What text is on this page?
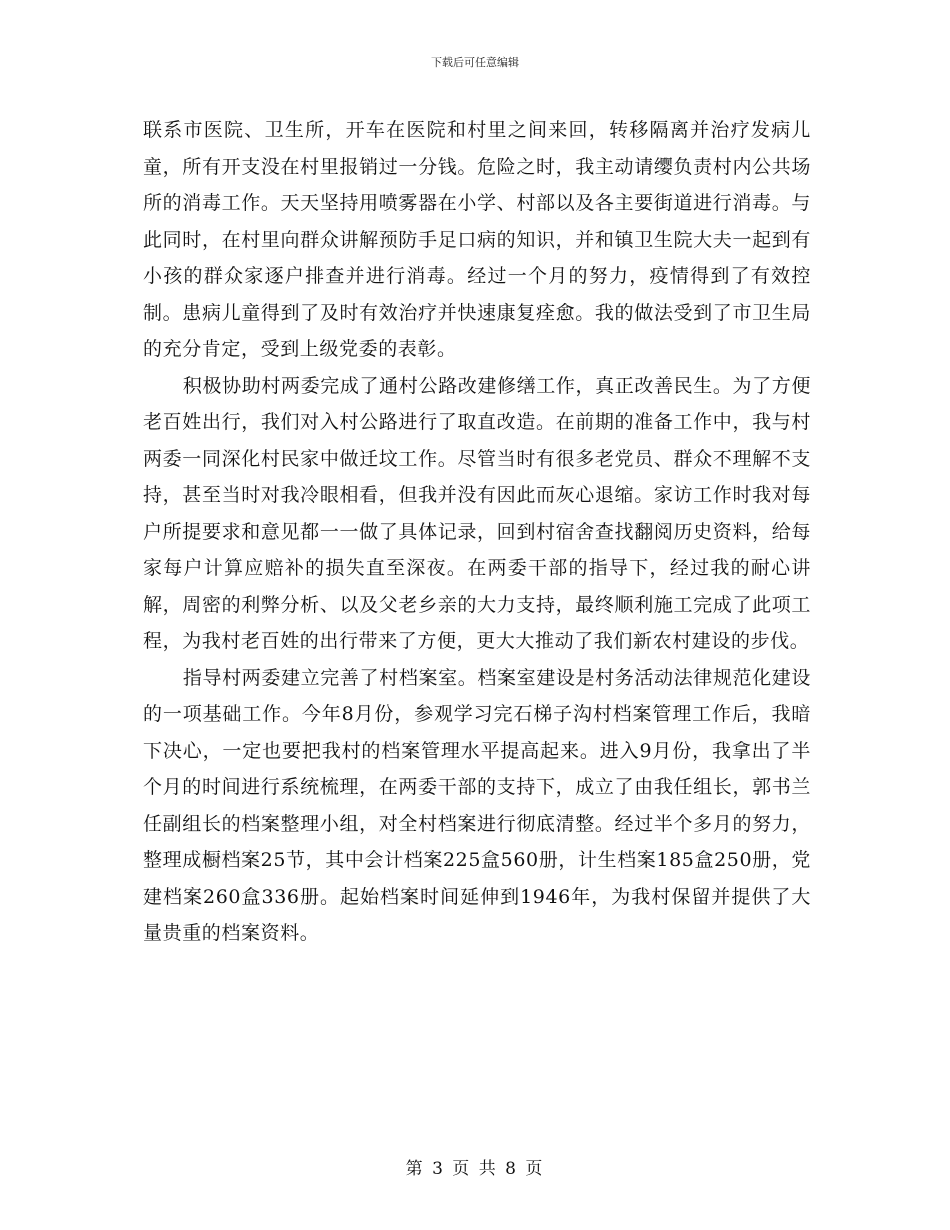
下载后可任意编辑

联系市医院、卫生所，开车在医院和村里之间来回，转移隔离并治疗发病儿童，所有开支没在村里报销过一分钱。危险之时，我主动请缨负责村内公共场所的消毒工作。天天坚持用喷雾器在小学、村部以及各主要街道进行消毒。与此同时，在村里向群众讲解预防手足口病的知识，并和镇卫生院大夫一起到有小孩的群众家逐户排查并进行消毒。经过一个月的努力，疫情得到了有效控制。患病儿童得到了及时有效治疗并快速康复痊愈。我的做法受到了市卫生局的充分肯定，受到上级党委的表彰。

积极协助村两委完成了通村公路改建修缮工作，真正改善民生。为了方便老百姓出行，我们对入村公路进行了取直改造。在前期的准备工作中，我与村两委一同深化村民家中做迁坟工作。尽管当时有很多老党员、群众不理解不支持，甚至当时对我冷眼相看，但我并没有因此而灰心退缩。家访工作时我对每户所提要求和意见都一一做了具体记录，回到村宿舍查找翻阅历史资料，给每家每户计算应赔补的损失直至深夜。在两委干部的指导下，经过我的耐心讲解，周密的利弊分析、以及父老乡亲的大力支持，最终顺利施工完成了此项工程，为我村老百姓的出行带来了方便，更大大推动了我们新农村建设的步伐。

指导村两委建立完善了村档案室。档案室建设是村务活动法律规范化建设的一项基础工作。今年8月份，参观学习完石梯子沟村档案管理工作后，我暗下决心，一定也要把我村的档案管理水平提高起来。进入9月份，我拿出了半个月的时间进行系统梳理，在两委干部的支持下，成立了由我任组长，郭书兰任副组长的档案整理小组，对全村档案进行彻底清整。经过半个多月的努力，整理成橱档案25节，其中会计档案225盒560册，计生档案185盒250册，党建档案260盒336册。起始档案时间延伸到1946年，为我村保留并提供了大量贵重的档案资料。

第 3 页 共 8 页
